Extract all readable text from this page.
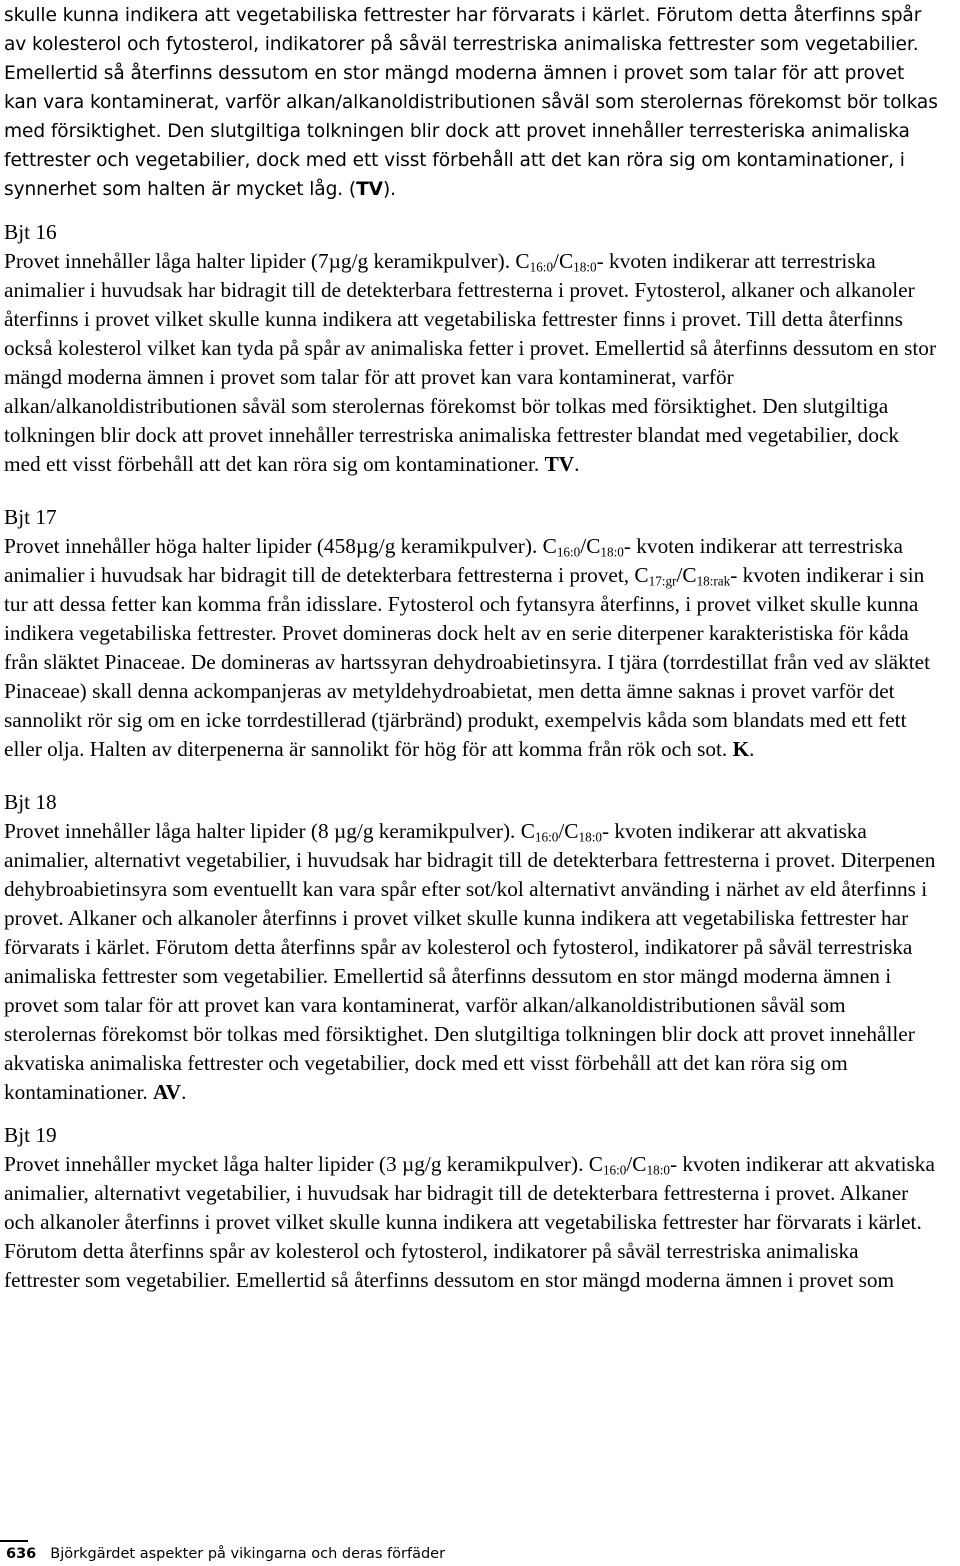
skulle kunna indikera att vegetabiliska fettrester har förvarats i kärlet. Förutom detta återfinns spår av kolesterol och fytosterol, indikatorer på såväl terrestriska animaliska fettrester som vegetabilier. Emellertid så återfinns dessutom en stor mängd moderna ämnen i provet som talar för att provet kan vara kontaminerat, varför alkan/alkanoldistributionen såväl som sterolernas förekomst bör tolkas med försiktighet. Den slutgiltiga tolkningen blir dock att provet innehåller terresteriska animaliska fettrester och vegetabilier, dock med ett visst förbehåll att det kan röra sig om kontaminationer, i synnerhet som halten är mycket låg. (TV).

Bjt 16

Provet innehåller låga halter lipider (7µg/g keramikpulver). $C_{16:0}/C_{18:0}-$ kvoten indikerar att terrestriska animalier i huvudsak har bidragit till de detekterbara fettresterna i provet. Fytosterol, alkaner och alkanoler återfinns i provet vilket skulle kunna indikera att vegetabiliska fettrester finns i provet. Till detta återfinns också kolesterol vilket kan tyda på spår av animaliska fetter i provet. Emellertid så återfinns dessutom en stor mängd moderna ämnen i provet som talar för att provet kan vara kontaminerat, varför alkan/alkanoldistributionen såväl som sterolernas förekomst bör tolkas med försiktighet. Den slutgiltiga tolkningen blir dock att provet innehåller terrestriska animaliska fettrester blandat med vegetabilier, dock med ett visst förbehåll att det kan röra sig om kontaminationer. TV.

Bjt 17

Provet innehåller höga halter lipider (458µg/g keramikpulver). $C_{16:0}/C_{18:0}-$ kvoten indikerar att terrestriska animalier i huvudsak har bidragit till de detekterbara fettresterna i provet, $C_{17:gr}/C_{18:rak}-$ kvoten indikerar i sin tur att dessa fetter kan komma från idisslare. Fytosterol och fytansyra återfinns, i provet vilket skulle kunna indikera vegetabiliska fettrester. Provet domineras dock helt av en serie diterpener karakteristiska för kåda från släktet Pinaceae. De domineras av hartssyran dehydroabietinsyra. I tjära (torrdestillat från ved av släktet Pinaceae) skall denna ackompanjeras av metyldehydroabietat, men detta ämne saknas i provet varför det sannolikt rör sig om en icke torrdestillerad (tjärbränd) produkt, exempelvis kåda som blandats med ett fett eller olja. Halten av diterpenerna är sannolikt för hög för att komma från rök och sot. K.

Bjt 18

Provet innehåller låga halter lipider (8 µg/g keramikpulver). $C_{16:0}/C_{18:0}-$ kvoten indikerar att akvatiska animalier, alternativt vegetabilier, i huvudsak har bidragit till de detekterbara fettresterna i provet. Diterpenen dehybroabietinsyra som eventuellt kan vara spår efter sot/kol alternativt använding i närhet av eld återfinns i provet. Alkaner och alkanoler återfinns i provet vilket skulle kunna indikera att vegetabiliska fettrester har förvarats i kärlet. Förutom detta återfinns spår av kolesterol och fytosterol, indikatorer på såväl terrestriska animaliska fettrester som vegetabilier. Emellertid så återfinns dessutom en stor mängd moderna ämnen i provet som talar för att provet kan vara kontaminerat, varför alkan/alkanoldistributionen såväl som sterolernas förekomst bör tolkas med försiktighet. Den slutgiltiga tolkningen blir dock att provet innehåller akvatiska animaliska fettrester och vegetabilier, dock med ett visst förbehåll att det kan röra sig om kontaminationer. AV.

Bjt 19

Provet innehåller mycket låga halter lipider (3 µg/g keramikpulver). $C_{16:0}/C_{18:0}-$ kvoten indikerar att akvatiska animalier, alternativt vegetabilier, i huvudsak har bidragit till de detekterbara fettresterna i provet. Alkaner och alkanoler återfinns i provet vilket skulle kunna indikera att vegetabiliska fettrester har förvarats i kärlet. Förutom detta återfinns spår av kolesterol och fytosterol, indikatorer på såväl terrestriska animaliska fettrester som vegetabilier. Emellertid så återfinns dessutom en stor mängd moderna ämnen i provet som

636 Björkgärdet aspekter på vikingarna och deras förfäder
